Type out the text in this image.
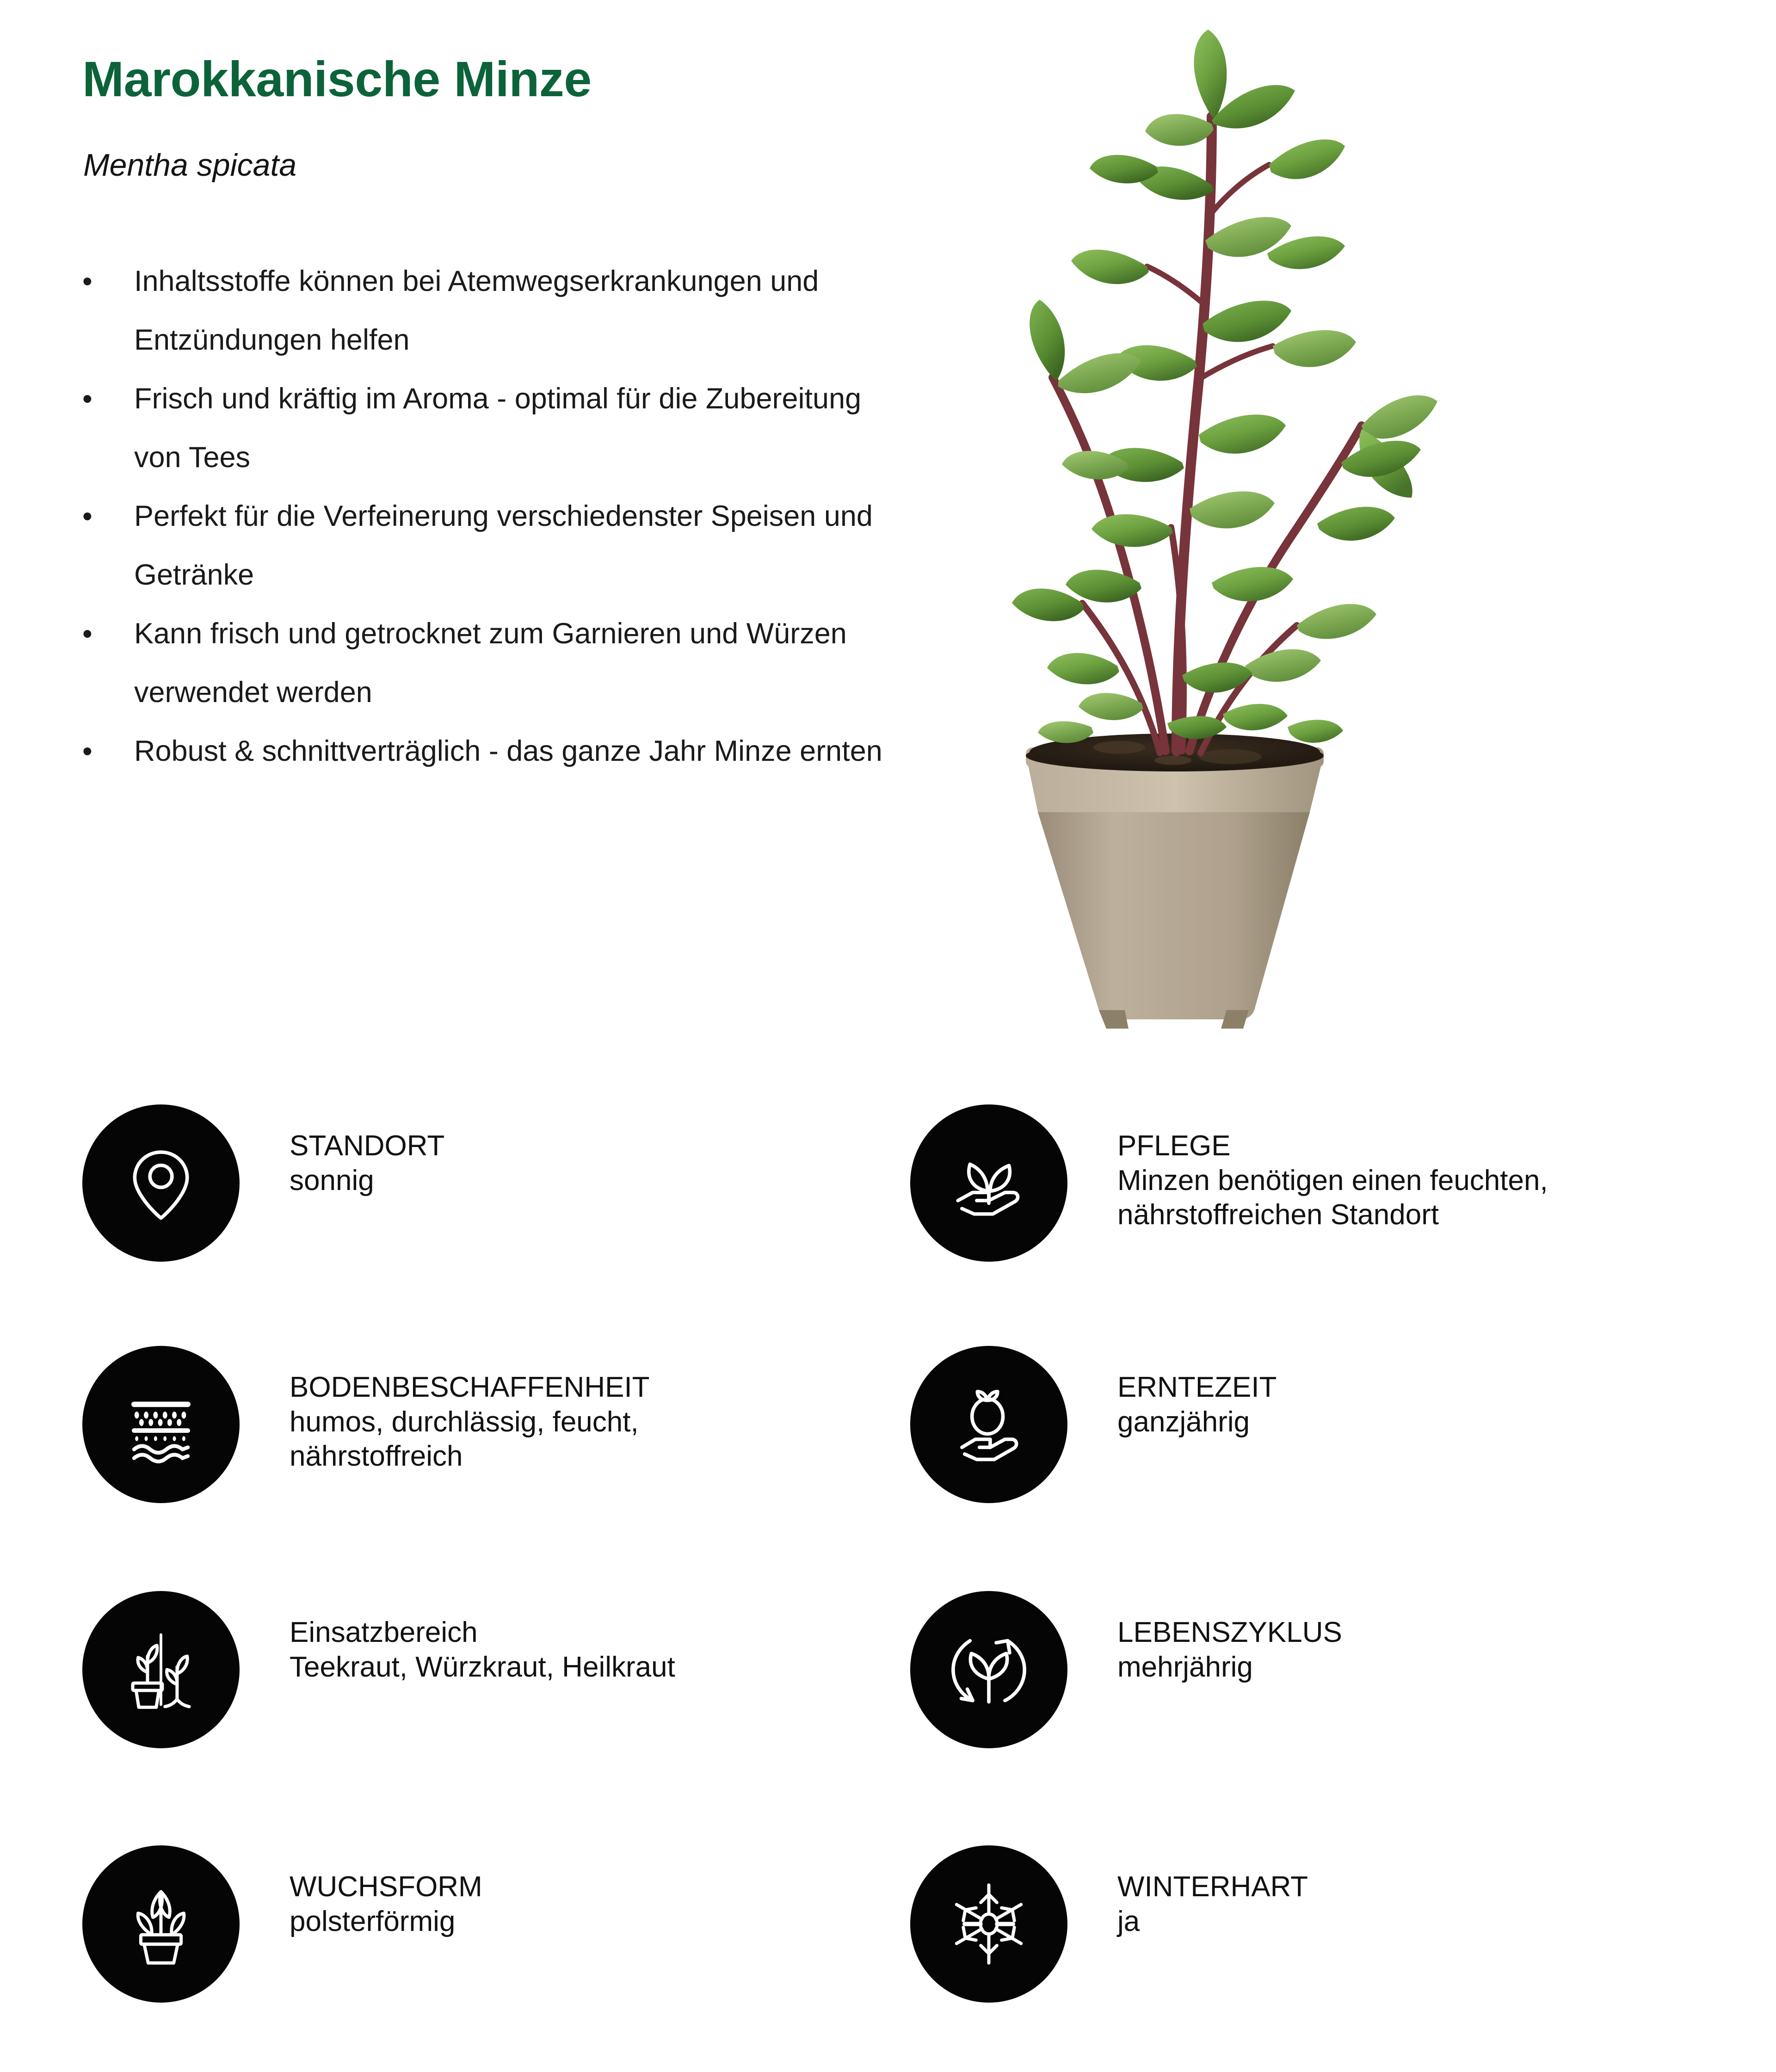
Marokkanische Minze
Mentha spicata
•	Inhaltsstoffe können bei Atemwegserkrankungen und Entzündungen helfen
•	Frisch und kräftig im Aroma - optimal für die Zubereitung von Tees
•	Perfekt für die Verfeinerung verschiedenster Speisen und Getränke
•	Kann frisch und getrocknet zum Garnieren und Würzen verwendet werden
•	Robust & schnittverträglich - das ganze Jahr Minze ernten
STANDORT
sonnig
PFLEGE
Minzen benötigen einen feuchten,
nährstoffreichen Standort
BODENBESCHAFFENHEIT
humos, durchlässig, feucht,
nährstoffreich
ERNTEZEIT
ganzjährig
Einsatzbereich
Teekraut, Würzkraut, Heilkraut
LEBENSZYKLUS
mehrjährig
WUCHSFORM
polsterförmig
WINTERHART
ja
